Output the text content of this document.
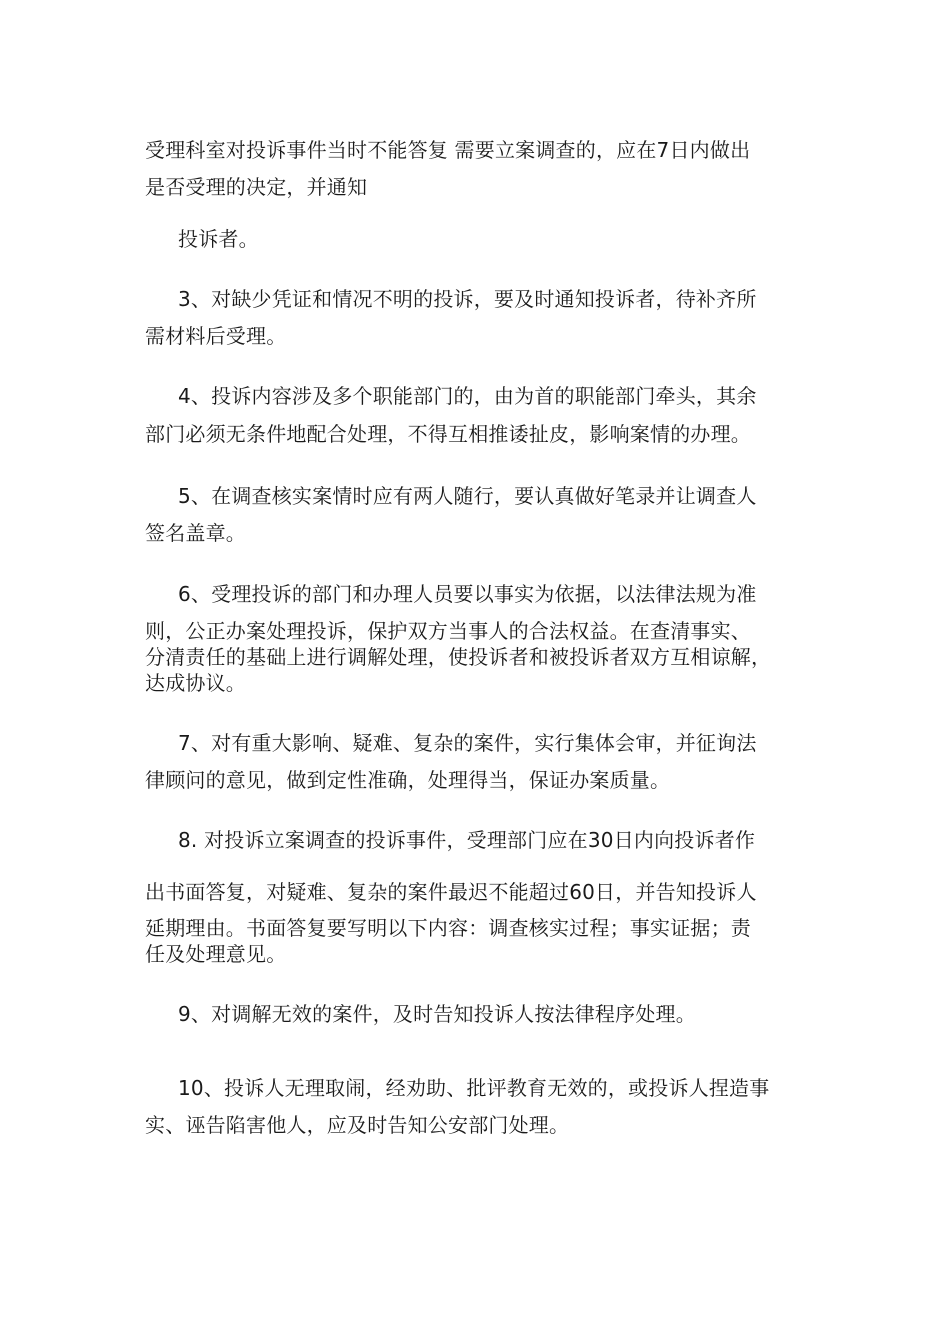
受理科室对投诉事件当时不能答复 需要立案调查的，应在7日内做出
是否受理的决定，并通知
投诉者。
3、对缺少凭证和情况不明的投诉，要及时通知投诉者，待补齐所
需材料后受理。
4、投诉内容涉及多个职能部门的，由为首的职能部门牵头，其余
部门必须无条件地配合处理，不得互相推诿扯皮，影响案情的办理。
5、在调查核实案情时应有两人随行，要认真做好笔录并让调查人
签名盖章。
6、受理投诉的部门和办理人员要以事实为依据，以法律法规为准
则，公正办案处理投诉，保护双方当事人的合法权益。在查清事实、
分清责任的基础上进行调解处理，使投诉者和被投诉者双方互相谅解，
达成协议。
7、对有重大影响、疑难、复杂的案件，实行集体会审，并征询法
律顾问的意见，做到定性准确，处理得当，保证办案质量。
8. 对投诉立案调查的投诉事件，受理部门应在30日内向投诉者作
出书面答复，对疑难、复杂的案件最迟不能超过60日，并告知投诉人
延期理由。书面答复要写明以下内容：调查核实过程；事实证据；责
任及处理意见。
9、对调解无效的案件，及时告知投诉人按法律程序处理。
10、投诉人无理取闹，经劝助、批评教育无效的，或投诉人捏造事
实、诬告陷害他人，应及时告知公安部门处理。
